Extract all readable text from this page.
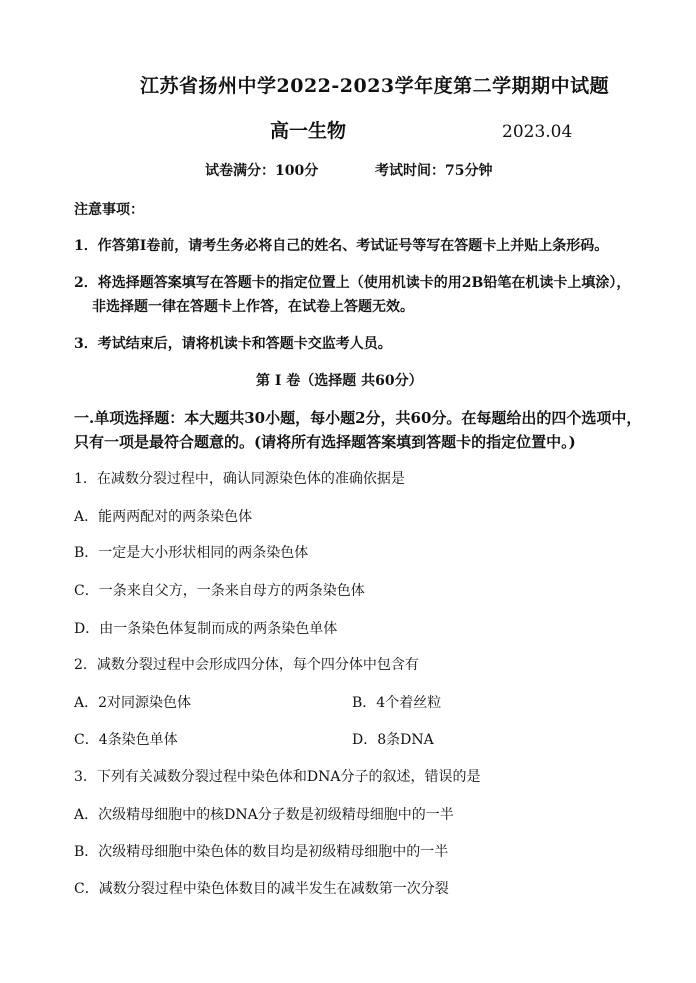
江苏省扬州中学2022-2023学年度第二学期期中试题
高一生物	2023.04
试卷满分：100分	考试时间：75分钟
注意事项：
1．作答第Ⅰ卷前，请考生务必将自己的姓名、考试证号等写在答题卡上并贴上条形码。
2．将选择题答案填写在答题卡的指定位置上（使用机读卡的用2B铅笔在机读卡上填涂），
非选择题一律在答题卡上作答，在试卷上答题无效。
3．考试结束后，请将机读卡和答题卡交监考人员。
第 Ⅰ 卷（选择题 共60分）
一.单项选择题：本大题共30小题，每小题2分，共60分。在每题给出的四个选项中，
只有一项是最符合题意的。(请将所有选择题答案填到答题卡的指定位置中。)
1．在减数分裂过程中，确认同源染色体的准确依据是
A．能两两配对的两条染色体
B．一定是大小形状相同的两条染色体
C．一条来自父方，一条来自母方的两条染色体
D．由一条染色体复制而成的两条染色单体
2．减数分裂过程中会形成四分体，每个四分体中包含有
A．2对同源染色体	B．4个着丝粒
C．4条染色单体	D．8条DNA
3．下列有关减数分裂过程中染色体和DNA分子的叙述，错误的是
A．次级精母细胞中的核DNA分子数是初级精母细胞中的一半
B．次级精母细胞中染色体的数目均是初级精母细胞中的一半
C．减数分裂过程中染色体数目的减半发生在减数第一次分裂
